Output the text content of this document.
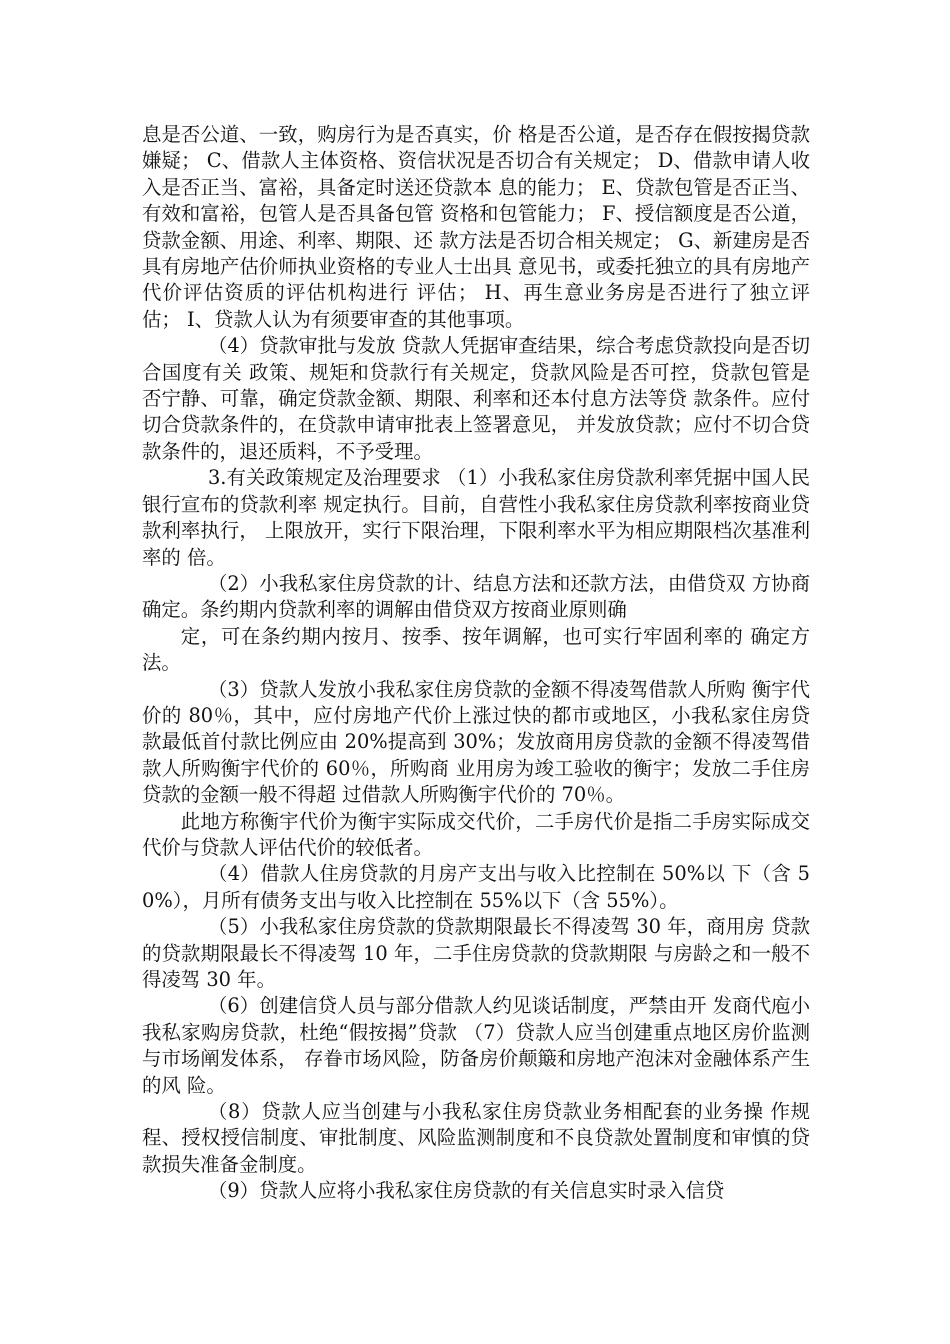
息是否公道、一致，购房行为是否真实，价 格是否公道，是否存在假按揭贷款嫌疑； C、借款人主体资格、资信状况是否切合有关规定； D、借款申请人收入是否正当、富裕，具备定时送还贷款本 息的能力； E、贷款包管是否正当、有效和富裕，包管人是否具备包管 资格和包管能力； F、授信额度是否公道，贷款金额、用途、利率、期限、还 款方法是否切合相关规定； G、新建房是否具有房地产估价师执业资格的专业人士出具 意见书，或委托独立的具有房地产代价评估资质的评估机构进行 评估； H、再生意业务房是否进行了独立评估； I、贷款人认为有须要审查的其他事项。

（4）贷款审批与发放 贷款人凭据审查结果，综合考虑贷款投向是否切合国度有关 政策、规矩和贷款行有关规定，贷款风险是否可控，贷款包管是 否宁静、可靠，确定贷款金额、期限、利率和还本付息方法等贷 款条件。应付切合贷款条件的，在贷款申请审批表上签署意见， 并发放贷款；应付不切合贷款条件的，退还质料，不予受理。

3.有关政策规定及治理要求 （1）小我私家住房贷款利率凭据中国人民银行宣布的贷款利率 规定执行。目前，自营性小我私家住房贷款利率按商业贷款利率执行， 上限放开，实行下限治理，下限利率水平为相应期限档次基准利 率的 倍。

（2）小我私家住房贷款的计、结息方法和还款方法，由借贷双 方协商确定。条约期内贷款利率的调解由借贷双方按商业原则确

定，可在条约期内按月、按季、按年调解，也可实行牢固利率的 确定方法。

（3）贷款人发放小我私家住房贷款的金额不得凌驾借款人所购 衡宇代价的 80％，其中，应付房地产代价上涨过快的都市或地区，小我私家住房贷款最低首付款比例应由 20%提高到 30%；发放商用房贷款的金额不得凌驾借款人所购衡宇代价的 60％，所购商 业用房为竣工验收的衡宇；发放二手住房贷款的金额一般不得超 过借款人所购衡宇代价的 70％。

此地方称衡宇代价为衡宇实际成交代价，二手房代价是指二手房实际成交代价与贷款人评估代价的较低者。

（4）借款人住房贷款的月房产支出与收入比控制在 50%以 下（含 50%），月所有债务支出与收入比控制在 55%以下（含 55%）。

（5）小我私家住房贷款的贷款期限最长不得凌驾 30 年，商用房 贷款的贷款期限最长不得凌驾 10 年，二手住房贷款的贷款期限 与房龄之和一般不得凌驾 30 年。

（6）创建信贷人员与部分借款人约见谈话制度，严禁由开 发商代庖小我私家购房贷款，杜绝“假按揭”贷款 （7）贷款人应当创建重点地区房价监测与市场阐发体系， 存眷市场风险，防备房价颠簸和房地产泡沫对金融体系产生的风 险。

（8）贷款人应当创建与小我私家住房贷款业务相配套的业务操 作规程、授权授信制度、审批制度、风险监测制度和不良贷款处置制度和审慎的贷款损失准备金制度。

（9）贷款人应将小我私家住房贷款的有关信息实时录入信贷
